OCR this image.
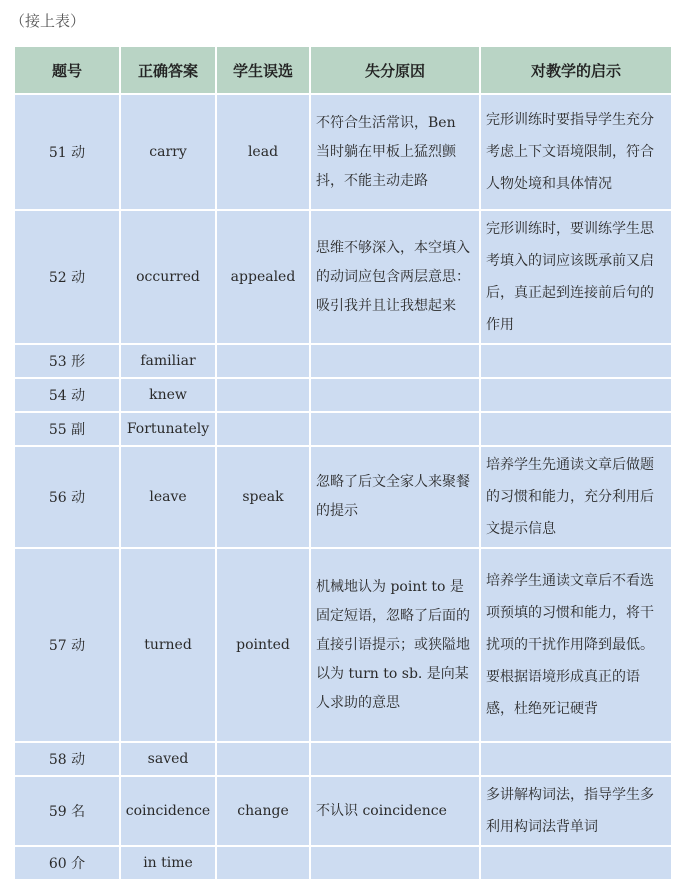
（接上表）
题号	正确答案	学生误选	失分原因	对教学的启示
51 动	carry	lead	不符合生活常识，Ben 当时躺在甲板上猛烈颤抖，不能主动走路	完形训练时要指导学生充分考虑上下文语境限制，符合人物处境和具体情况
52 动	occurred	appealed	思维不够深入，本空填入的动词应包含两层意思：吸引我并且让我想起来	完形训练时，要训练学生思考填入的词应该既承前又启后，真正起到连接前后句的作用
53 形	familiar			
54 动	knew			
55 副	Fortunately			
56 动	leave	speak	忽略了后文全家人来聚餐的提示	培养学生先通读文章后做题的习惯和能力，充分利用后文提示信息
57 动	turned	pointed	机械地认为 point to 是固定短语，忽略了后面的直接引语提示；或狭隘地以为 turn to sb. 是向某人求助的意思	培养学生通读文章后不看选项预填的习惯和能力，将干扰项的干扰作用降到最低。要根据语境形成真正的语感，杜绝死记硬背
58 动	saved			
59 名	coincidence	change	不认识 coincidence	多讲解构词法，指导学生多利用构词法背单词
60 介	in time			
